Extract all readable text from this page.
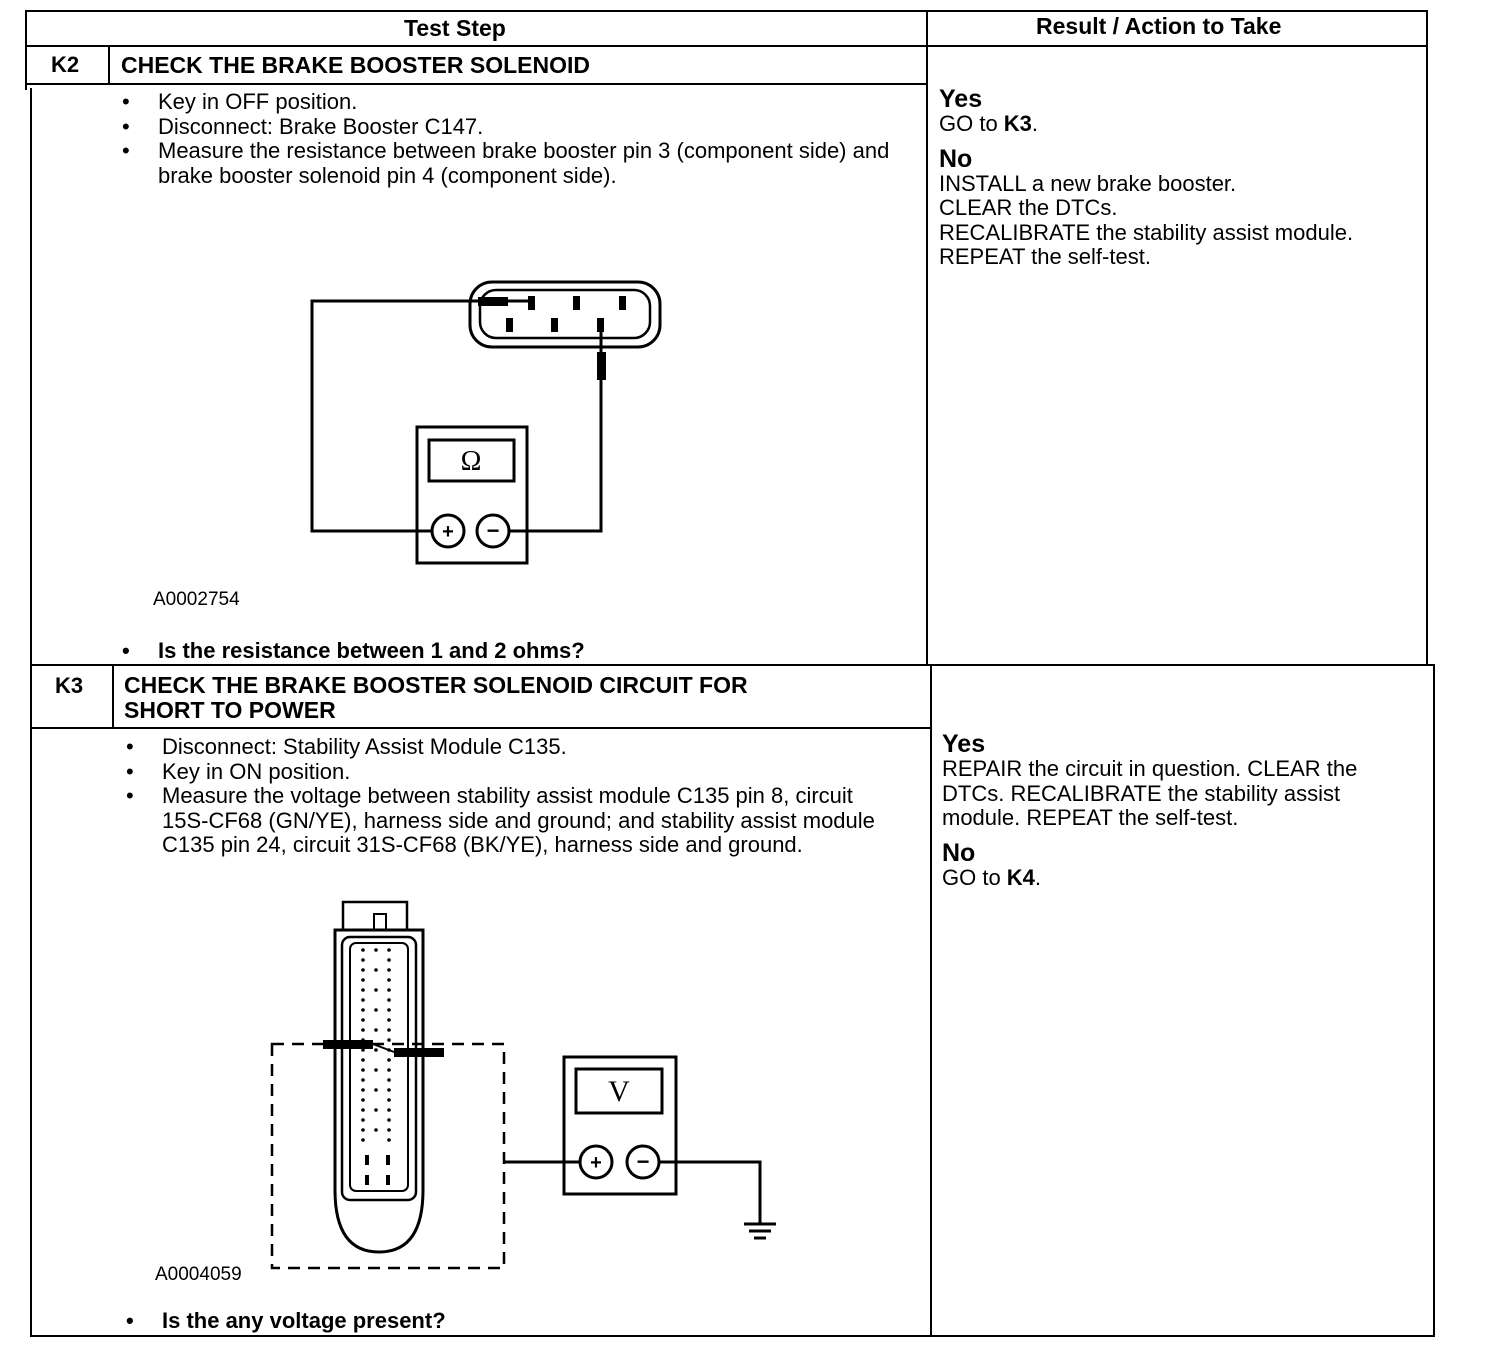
Test Step	Result / Action to Take
K2 CHECK THE BRAKE BOOSTER SOLENOID
• Key in OFF position.
• Disconnect: Brake Booster C147.
• Measure the resistance between brake booster pin 3 (component side) and brake booster solenoid pin 4 (component side).
A0002754
• Is the resistance between 1 and 2 ohms?
Yes
GO to K3.
No
INSTALL a new brake booster.
CLEAR the DTCs.
RECALIBRATE the stability assist module.
REPEAT the self-test.
K3 CHECK THE BRAKE BOOSTER SOLENOID CIRCUIT FOR
SHORT TO POWER
• Disconnect: Stability Assist Module C135.
• Key in ON position.
• Measure the voltage between stability assist module C135 pin 8, circuit 15S-CF68 (GN/YE), harness side and ground; and stability assist module C135 pin 24, circuit 31S-CF68 (BK/YE), harness side and ground.
A0004059
• Is the any voltage present?
Yes
REPAIR the circuit in question. CLEAR the
DTCs. RECALIBRATE the stability assist
module. REPEAT the self-test.
No
GO to K4.
Ω
+ −
V
+ −
